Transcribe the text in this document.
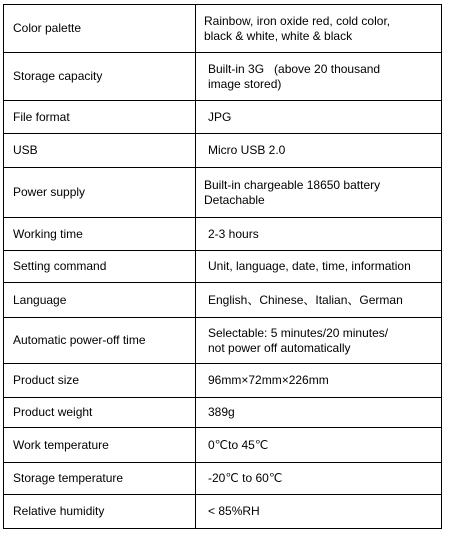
Color palette	Rainbow, iron oxide red, cold color,
black & white, white & black

Storage capacity	Built-in 3G   (above 20 thousand
image stored)

File format	JPG

USB	Micro USB 2.0

Power supply	Built-in chargeable 18650 battery
Detachable

Working time	2-3 hours

Setting command	Unit, language, date, time, information

Language	English、Chinese、Italian、German

Automatic power-off time	Selectable: 5 minutes/20 minutes/
not power off automatically

Product size	96mm×72mm×226mm

Product weight	389g

Work temperature	0℃to 45℃

Storage temperature	-20℃ to 60℃

Relative humidity	< 85%RH
